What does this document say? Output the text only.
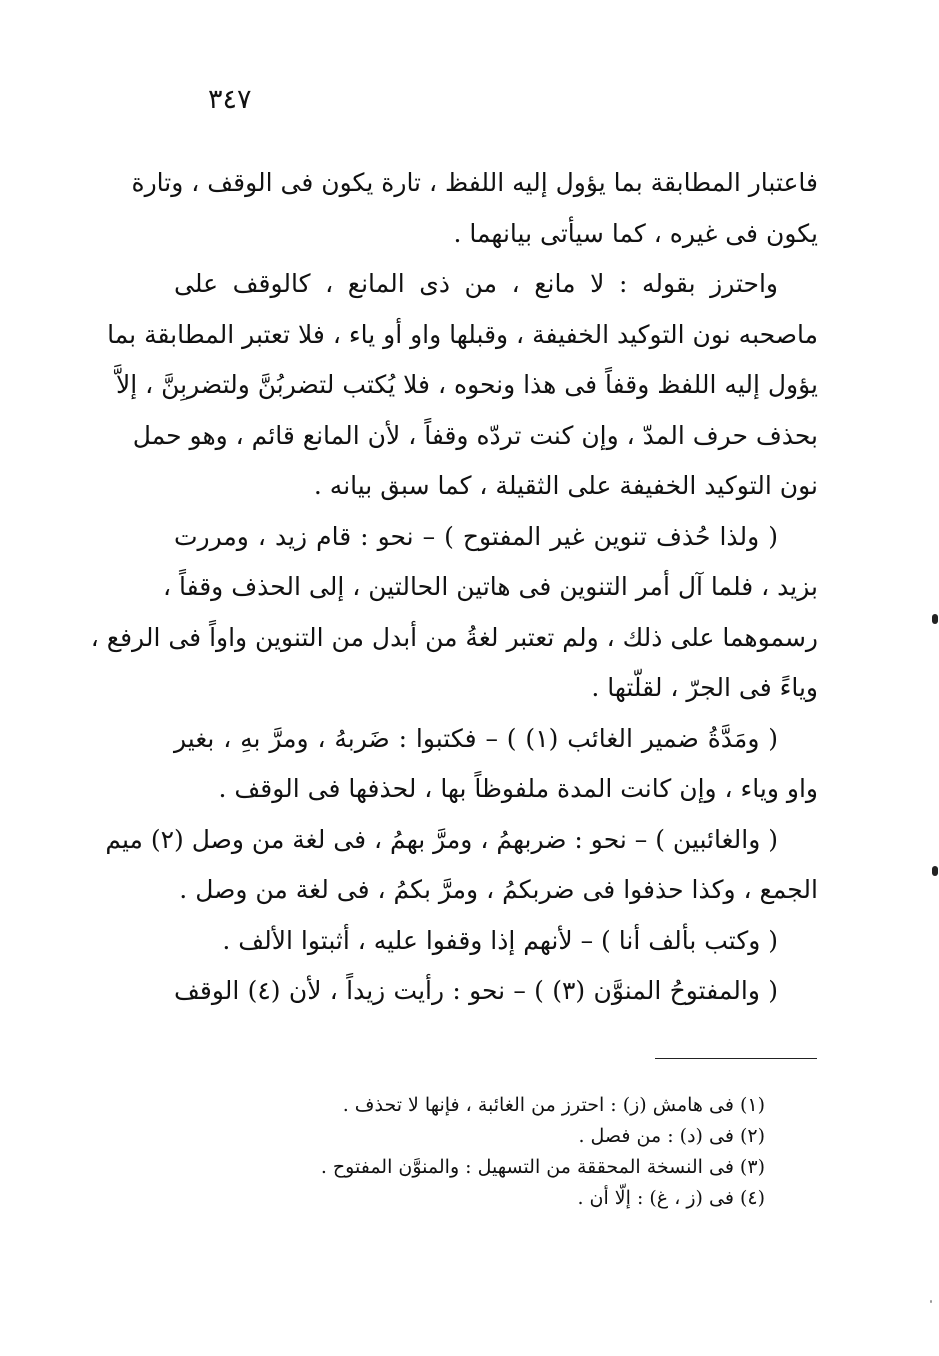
٣٤٧

فاعتبار المطابقة بما يؤول إليه اللفظ ، تارة يكون فى الوقف ، وتارة
يكون فى غيره ، كما سيأتى بيانهما .

واحترز بقوله : لا مانع ، من ذى المانع ، كالوقف على
ماصحبه نون التوكيد الخفيفة ، وقبلها واو أو ياء ، فلا تعتبر المطابقة بما
يؤول إليه اللفظ وقفاً فى هذا ونحوه ، فلا يُكتب لتضربُنَّ ولتضربِنَّ ، إلاَّ
بحذف حرف المدّ ، وإن كنت تردّه وقفاً ، لأن المانع قائم ، وهو حمل
نون التوكيد الخفيفة على الثقيلة ، كما سبق بيانه .

( ولذا حُذف تنوين غير المفتوح ) – نحو : قام زيد ، ومررت
بزيد ، فلما آل أمر التنوين فى هاتين الحالتين ، إلى الحذف وقفاً ،
رسموهما على ذلك ، ولم تعتبر لغةُ من أبدل من التنوين واواً فى الرفع ،
وياءً فى الجرّ ، لقلّتها .

( ومَدَّةُ ضمير الغائب (١) ) – فكتبوا : ضَربهُ ، ومرَّ بهِ ، بغير
واو وياء ، وإن كانت المدة ملفوظاً بها ، لحذفها فى الوقف .

( والغائبين ) – نحو : ضربهمُ ، ومرَّ بهمُ ، فى لغة من وصل (٢) ميم
الجمع ، وكذا حذفوا فى ضربكمُ ، ومرَّ بكمُ ، فى لغة من وصل .

( وكتب بألف أنا ) – لأنهم إذا وقفوا عليه ، أثبتوا الألف .

( والمفتوحُ المنوَّن (٣) ) – نحو : رأيت زيداً ، لأن (٤) الوقف

(١) فى هامش (ز) : احترز من الغائبة ، فإنها لا تحذف .
(٢) فى (د) : من فصل .
(٣) فى النسخة المحققة من التسهيل : والمنوَّن المفتوح .
(٤) فى (ز ، غ) : إلّا أن .
